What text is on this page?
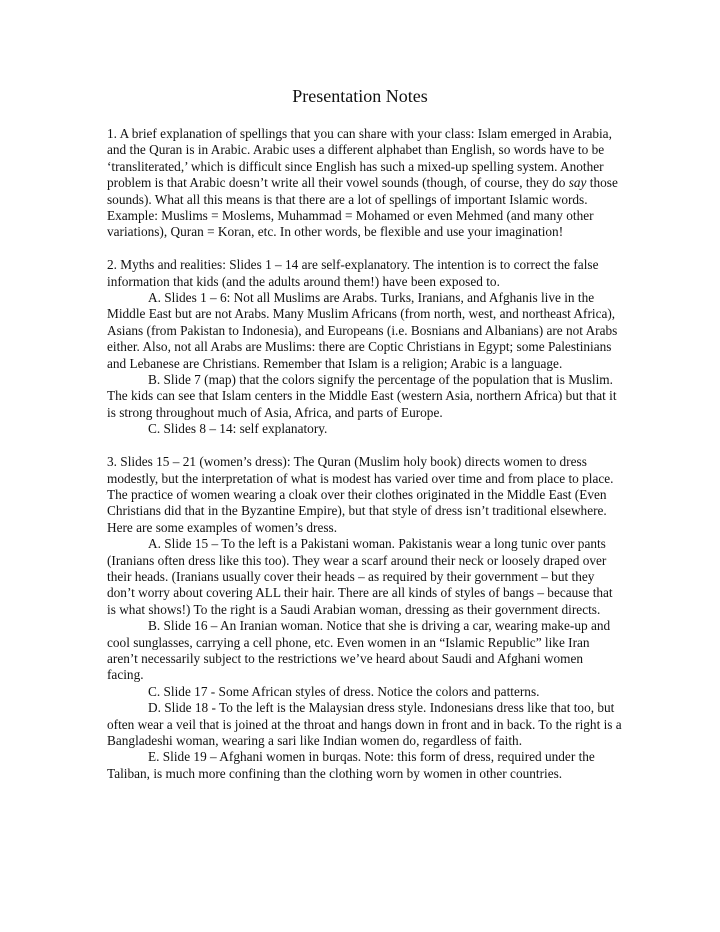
Presentation Notes

1. A brief explanation of spellings that you can share with your class: Islam emerged in Arabia, and the Quran is in Arabic. Arabic uses a different alphabet than English, so words have to be ‘transliterated,’ which is difficult since English has such a mixed-up spelling system. Another problem is that Arabic doesn’t write all their vowel sounds (though, of course, they do say those sounds). What all this means is that there are a lot of spellings of important Islamic words. Example: Muslims = Moslems, Muhammad = Mohamed or even Mehmed (and many other variations), Quran = Koran, etc. In other words, be flexible and use your imagination!

2. Myths and realities: Slides 1 – 14 are self-explanatory. The intention is to correct the false information that kids (and the adults around them!) have been exposed to.

A. Slides 1 – 6: Not all Muslims are Arabs. Turks, Iranians, and Afghanis live in the Middle East but are not Arabs. Many Muslim Africans (from north, west, and northeast Africa), Asians (from Pakistan to Indonesia), and Europeans (i.e. Bosnians and Albanians) are not Arabs either. Also, not all Arabs are Muslims: there are Coptic Christians in Egypt; some Palestinians and Lebanese are Christians. Remember that Islam is a religion; Arabic is a language.

B. Slide 7 (map) that the colors signify the percentage of the population that is Muslim. The kids can see that Islam centers in the Middle East (western Asia, northern Africa) but that it is strong throughout much of Asia, Africa, and parts of Europe.

C. Slides 8 – 14: self explanatory.

3. Slides 15 – 21 (women’s dress): The Quran (Muslim holy book) directs women to dress modestly, but the interpretation of what is modest has varied over time and from place to place. The practice of women wearing a cloak over their clothes originated in the Middle East (Even Christians did that in the Byzantine Empire), but that style of dress isn’t traditional elsewhere. Here are some examples of women’s dress.

A. Slide 15 – To the left is a Pakistani woman. Pakistanis wear a long tunic over pants (Iranians often dress like this too). They wear a scarf around their neck or loosely draped over their heads. (Iranians usually cover their heads – as required by their government – but they don’t worry about covering ALL their hair. There are all kinds of styles of bangs – because that is what shows!) To the right is a Saudi Arabian woman, dressing as their government directs.

B. Slide 16 – An Iranian woman. Notice that she is driving a car, wearing make-up and cool sunglasses, carrying a cell phone, etc. Even women in an “Islamic Republic” like Iran aren’t necessarily subject to the restrictions we’ve heard about Saudi and Afghani women facing.

C. Slide 17 - Some African styles of dress. Notice the colors and patterns.

D. Slide 18 - To the left is the Malaysian dress style. Indonesians dress like that too, but often wear a veil that is joined at the throat and hangs down in front and in back. To the right is a Bangladeshi woman, wearing a sari like Indian women do, regardless of faith.

E. Slide 19 – Afghani women in burqas. Note: this form of dress, required under the Taliban, is much more confining than the clothing worn by women in other countries.
